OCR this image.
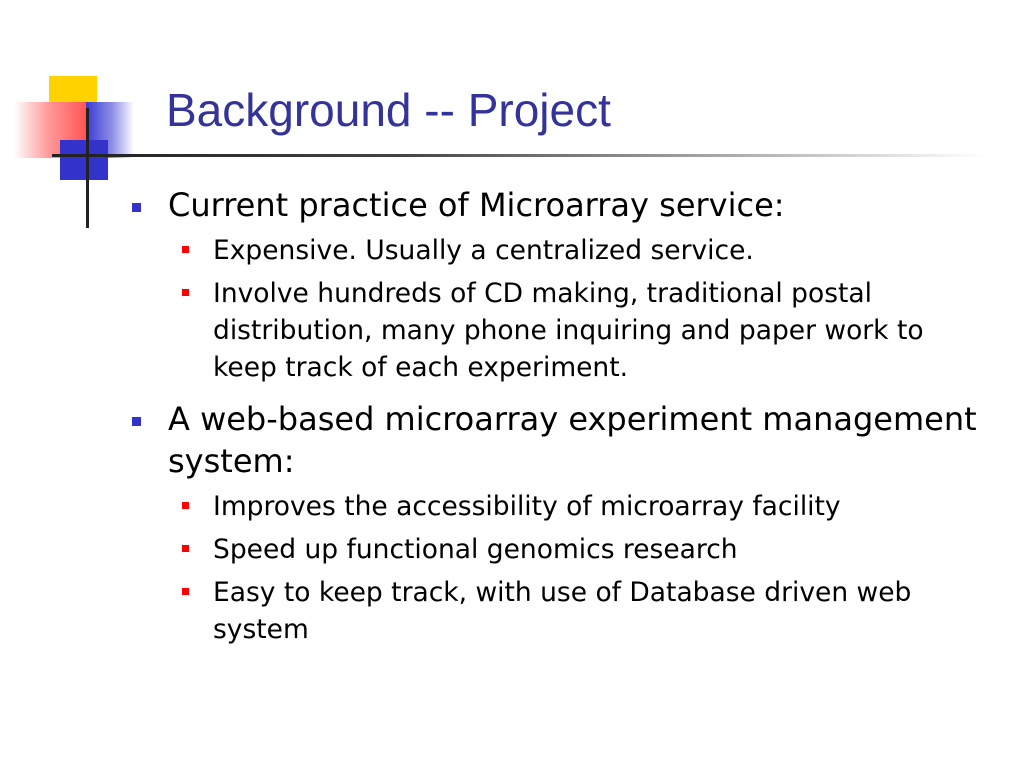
Background -- Project
Current practice of Microarray service:
Expensive. Usually a centralized service.
Involve hundreds of CD making, traditional postal distribution, many phone inquiring and paper work to keep track of each experiment.
A web-based microarray experiment management system:
Improves the accessibility of microarray facility
Speed up functional genomics research
Easy to keep track, with use of Database driven web system
